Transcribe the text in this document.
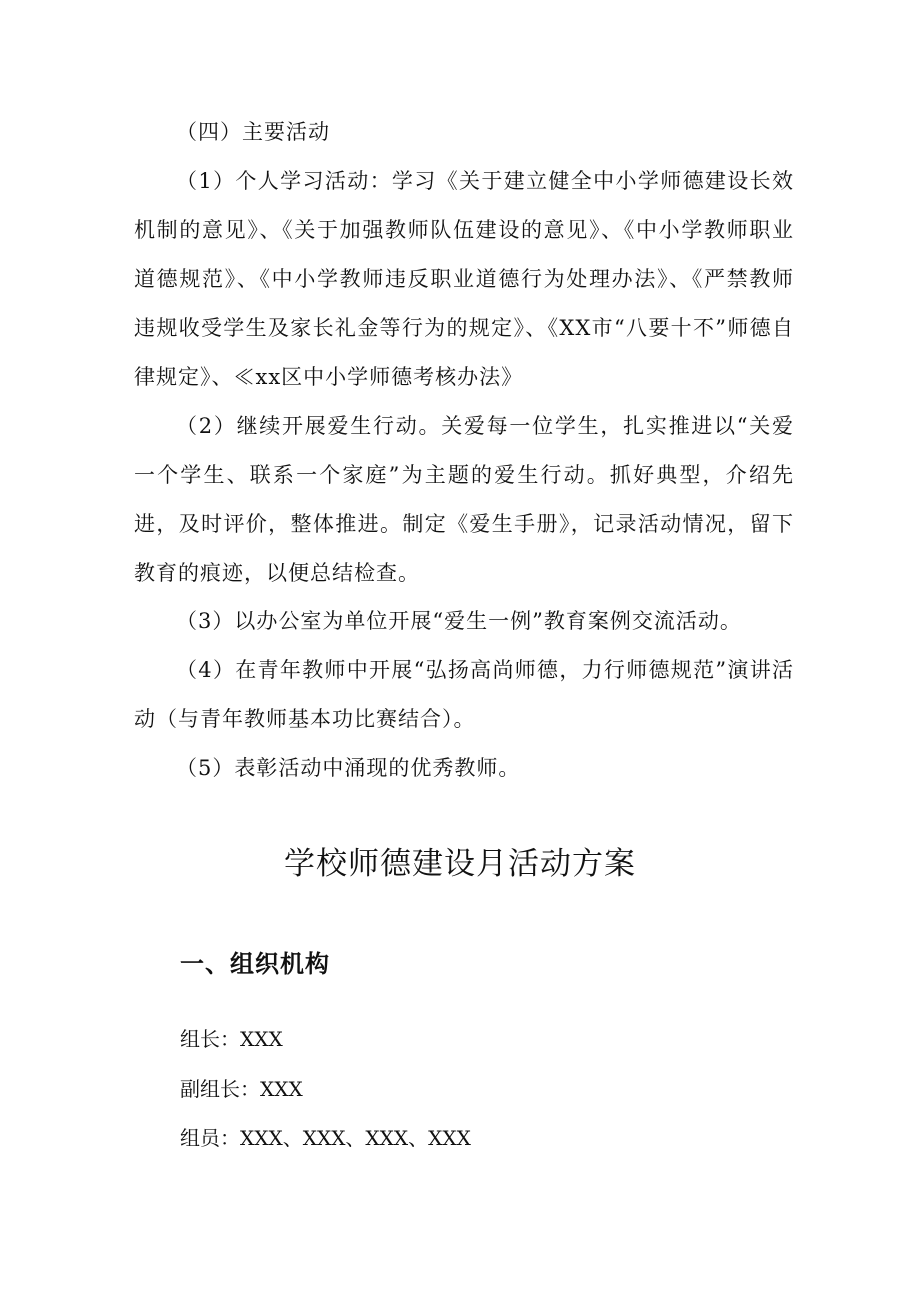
（四）主要活动

（1）个人学习活动：学习《关于建立健全中小学师德建设长效机制的意见》、《关于加强教师队伍建设的意见》、《中小学教师职业道德规范》、《中小学教师违反职业道德行为处理办法》、《严禁教师违规收受学生及家长礼金等行为的规定》、《XX市“八要十不”师德自律规定》、≪xx区中小学师德考核办法》

（2）继续开展爱生行动。关爱每一位学生，扎实推进以“关爱一个学生、联系一个家庭”为主题的爱生行动。抓好典型，介绍先进，及时评价，整体推进。制定《爱生手册》，记录活动情况，留下教育的痕迹，以便总结检查。

（3）以办公室为单位开展“爱生一例”教育案例交流活动。

（4）在青年教师中开展“弘扬高尚师德，力行师德规范”演讲活动（与青年教师基本功比赛结合）。

（5）表彰活动中涌现的优秀教师。

学校师德建设月活动方案
一、组织机构

组长：XXX

副组长：XXX

组员：XXX、XXX、XXX、XXX
